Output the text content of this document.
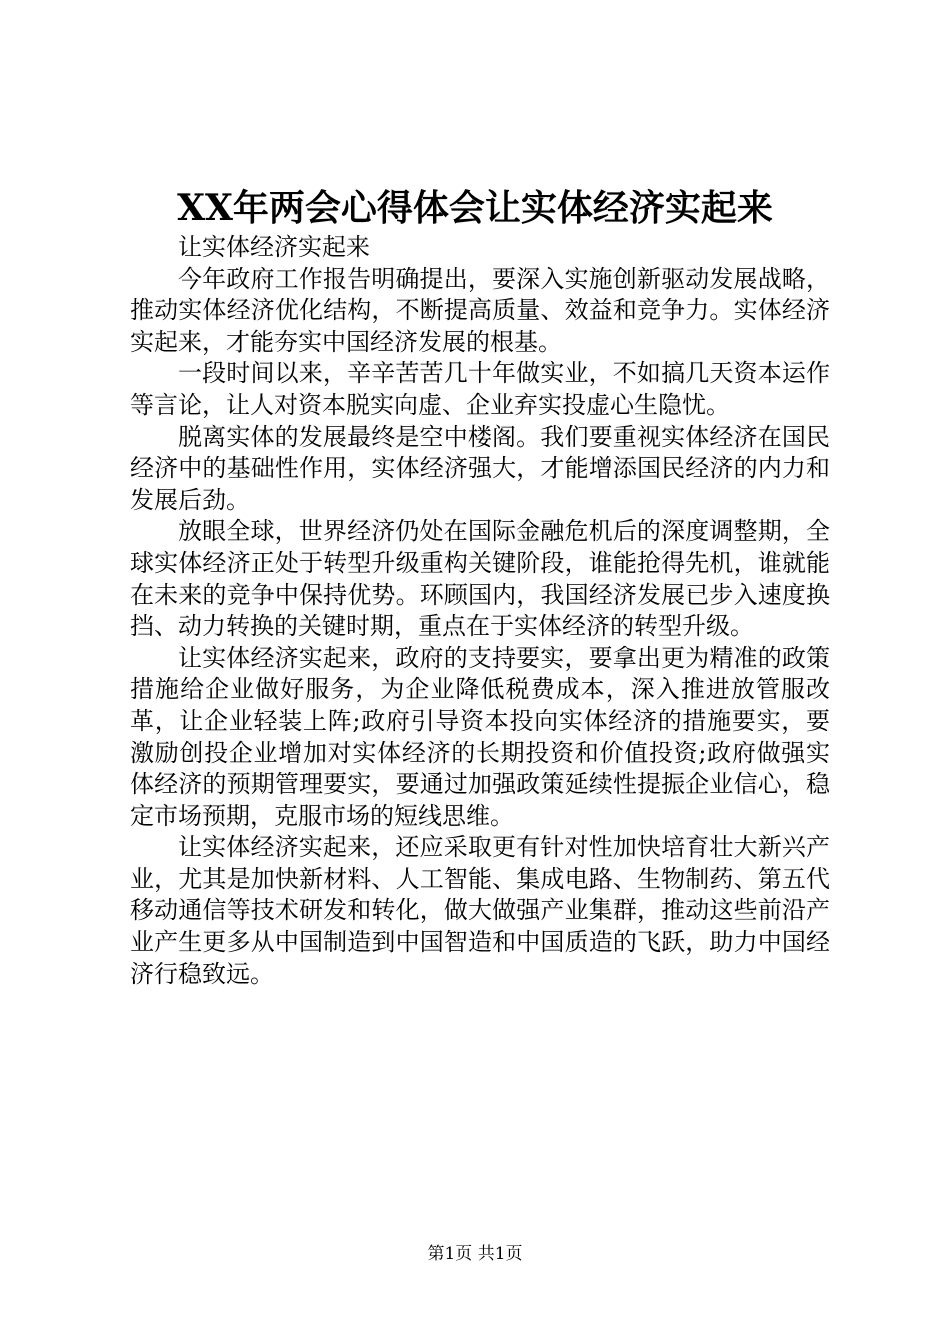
XX年两会心得体会让实体经济实起来

让实体经济实起来

今年政府工作报告明确提出，要深入实施创新驱动发展战略，推动实体经济优化结构，不断提高质量、效益和竞争力。实体经济实起来，才能夯实中国经济发展的根基。

一段时间以来，辛辛苦苦几十年做实业，不如搞几天资本运作等言论，让人对资本脱实向虚、企业弃实投虚心生隐忧。

脱离实体的发展最终是空中楼阁。我们要重视实体经济在国民经济中的基础性作用，实体经济强大，才能增添国民经济的内力和发展后劲。

放眼全球，世界经济仍处在国际金融危机后的深度调整期，全球实体经济正处于转型升级重构关键阶段，谁能抢得先机，谁就能在未来的竞争中保持优势。环顾国内，我国经济发展已步入速度换挡、动力转换的关键时期，重点在于实体经济的转型升级。

让实体经济实起来，政府的支持要实，要拿出更为精准的政策措施给企业做好服务，为企业降低税费成本，深入推进放管服改革，让企业轻装上阵;政府引导资本投向实体经济的措施要实，要激励创投企业增加对实体经济的长期投资和价值投资;政府做强实体经济的预期管理要实，要通过加强政策延续性提振企业信心，稳定市场预期，克服市场的短线思维。

让实体经济实起来，还应采取更有针对性加快培育壮大新兴产业，尤其是加快新材料、人工智能、集成电路、生物制药、第五代移动通信等技术研发和转化，做大做强产业集群，推动这些前沿产业产生更多从中国制造到中国智造和中国质造的飞跃，助力中国经济行稳致远。

第1页 共1页
